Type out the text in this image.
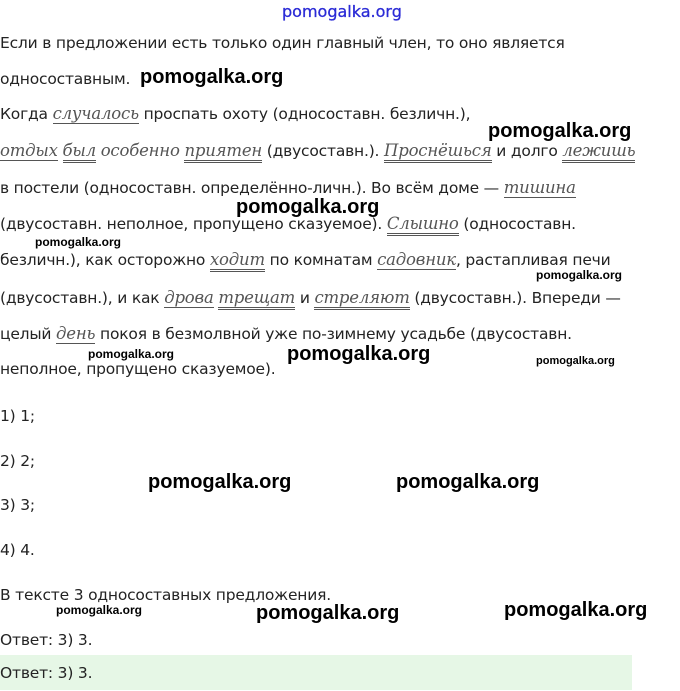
pomogalka.org
Если в предложении есть только один главный член, то оно является
односоставным.
Когда случалось проспать охоту (односоставн. безличн.),
отдых был особенно приятен (двусоставн.). Проснёшься и долго лежишь
в постели (односоставн. определённо-личн.). Во всём доме — тишина
(двусоставн. неполное, пропущено сказуемое). Слышно (односоставн.
безличн.), как осторожно ходит по комнатам садовник, растапливая печи
(двусоставн.), и как дрова трещат и стреляют (двусоставн.). Впереди —
целый день покоя в безмолвной уже по-зимнему усадьбе (двусоставн.
неполное, пропущено сказуемое).
1) 1;
2) 2;
3) 3;
4) 4.
В тексте 3 односоставных предложения.
Ответ: 3) 3.
Ответ: 3) 3.
pomogalka.org
pomogalka.org
pomogalka.org
pomogalka.org
pomogalka.org
pomogalka.org	pomogalka.org	pomogalka.org
pomogalka.org	pomogalka.org
pomogalka.org	pomogalka.org	pomogalka.org
